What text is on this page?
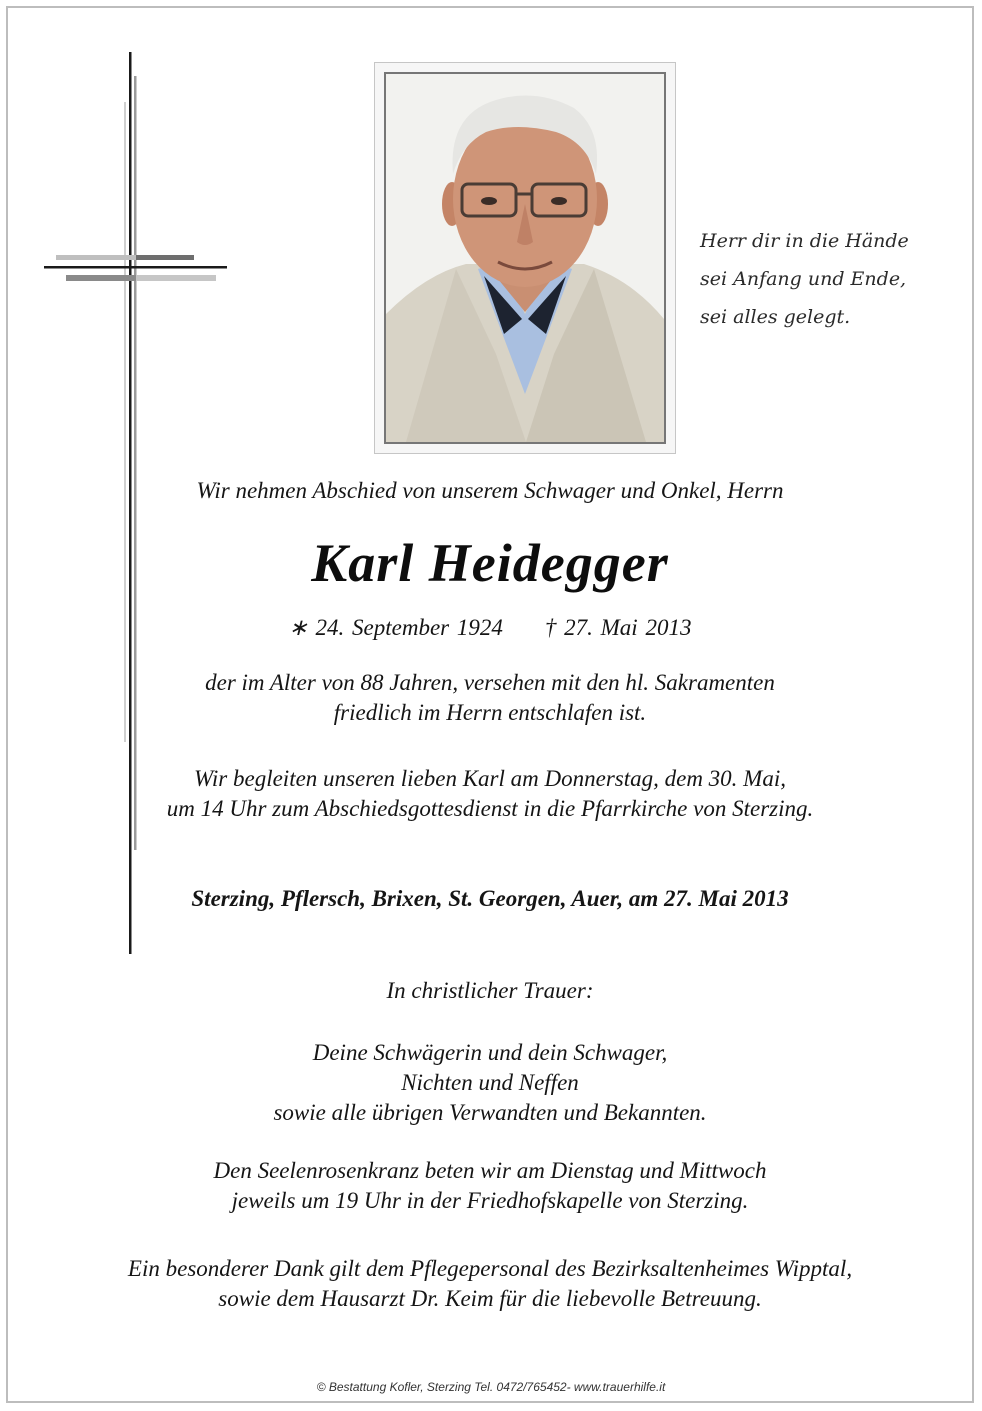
Herr dir in die Hände
sei Anfang und Ende,
sei alles gelegt.
Wir nehmen Abschied von unserem Schwager und Onkel, Herrn
Karl Heidegger
∗ 24. September 1924 † 27. Mai 2013
der im Alter von 88 Jahren, versehen mit den hl. Sakramenten
friedlich im Herrn entschlafen ist.
Wir begleiten unseren lieben Karl am Donnerstag, dem 30. Mai,
um 14 Uhr zum Abschiedsgottesdienst in die Pfarrkirche von Sterzing.
Sterzing, Pflersch, Brixen, St. Georgen, Auer, am 27. Mai 2013
In christlicher Trauer:
Deine Schwägerin und dein Schwager,
Nichten und Neffen
sowie alle übrigen Verwandten und Bekannten.
Den Seelenrosenkranz beten wir am Dienstag und Mittwoch
jeweils um 19 Uhr in der Friedhofskapelle von Sterzing.
Ein besonderer Dank gilt dem Pflegepersonal des Bezirksaltenheimes Wipptal,
sowie dem Hausarzt Dr. Keim für die liebevolle Betreuung.
© Bestattung Kofler, Sterzing Tel. 0472/765452- www.trauerhilfe.it
